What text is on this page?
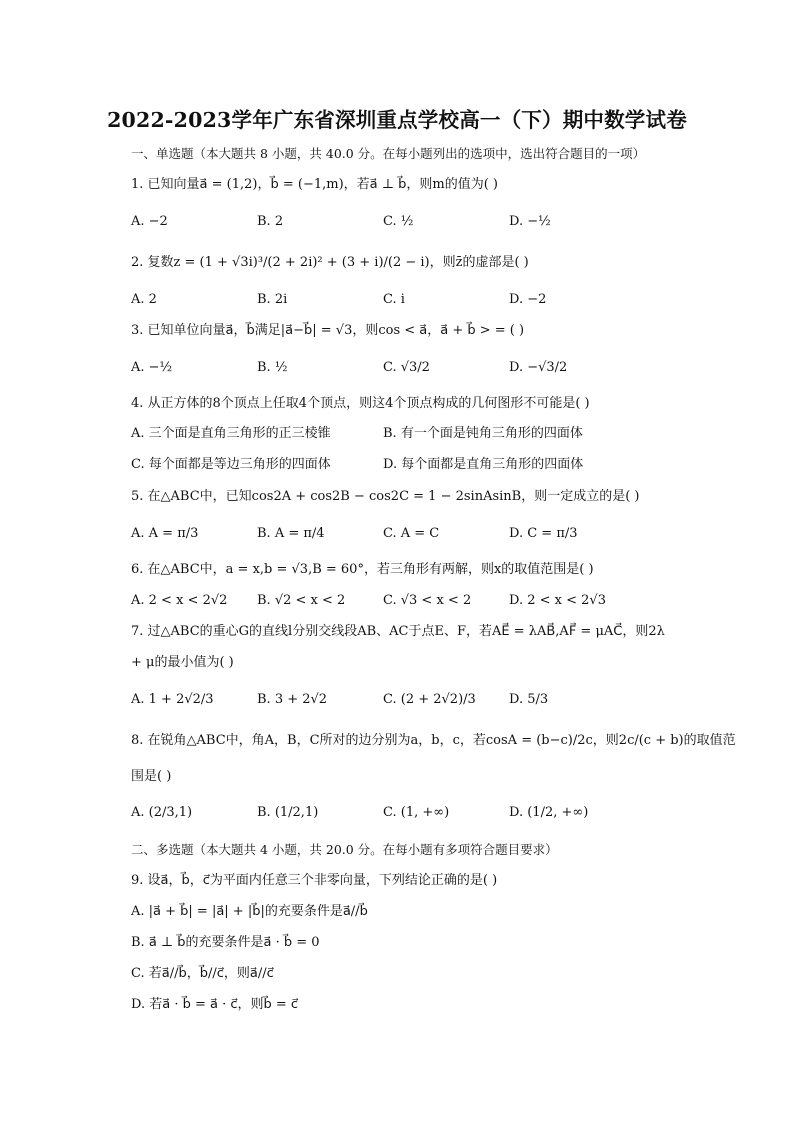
2022-2023学年广东省深圳重点学校高一（下）期中数学试卷
一、单选题（本大题共 8 小题，共 40.0 分。在每小题列出的选项中，选出符合题目的一项）
1. 已知向量a⃗ = (1,2)，b⃗ = (−1,m)，若a⃗ ⊥ b⃗，则m的值为( )
A. −2	B. 2	C. ½	D. −½
2. 复数z = (1 + √3i)³/(2 + 2i)² + (3 + i)/(2 − i)，则z̄的虚部是( )
A. 2	B. 2i	C. i	D. −2
3. 已知单位向量a⃗，b⃗满足|a⃗−b⃗| = √3，则cos < a⃗，a⃗ + b⃗ > = ( )
A. −½	B. ½	C. √3/2	D. −√3/2
4. 从正方体的8个顶点上任取4个顶点，则这4个顶点构成的几何图形不可能是( )
A. 三个面是直角三角形的正三棱锥	B. 有一个面是钝角三角形的四面体
C. 每个面都是等边三角形的四面体	D. 每个面都是直角三角形的四面体
5. 在△ABC中，已知cos2A + cos2B − cos2C = 1 − 2sinAsinB，则一定成立的是( )
A. A = π/3	B. A = π/4	C. A = C	D. C = π/3
6. 在△ABC中，a = x,b = √3,B = 60°，若三角形有两解，则x的取值范围是( )
A. 2 < x < 2√2 B. √2 < x < 2	C. √3 < x < 2	D. 2 < x < 2√3
7. 过△ABC的重心G的直线l分别交线段AB、AC于点E、F，若AE⃗ = λAB⃗,AF⃗ = μAC⃗，则2λ
+ μ的最小值为( )
A. 1 + 2√2/3	B. 3 + 2√2	C. (2 + 2√2)/3	D. 5/3
8. 在锐角△ABC中，角A，B，C所对的边分别为a，b，c，若cosA = (b−c)/2c，则2c/(c + b)的取值范
围是( )
A. (2/3,1)	B. (1/2,1)	C. (1, +∞)	D. (1/2, +∞)
二、多选题（本大题共 4 小题，共 20.0 分。在每小题有多项符合题目要求）
9. 设a⃗，b⃗，c⃗为平面内任意三个非零向量，下列结论正确的是( )
A. |a⃗ + b⃗| = |a⃗| + |b⃗|的充要条件是a⃗//b⃗
B. a⃗ ⊥ b⃗的充要条件是a⃗ · b⃗ = 0
C. 若a⃗//b⃗，b⃗//c⃗，则a⃗//c⃗
D. 若a⃗ · b⃗ = a⃗ · c⃗，则b⃗ = c⃗
